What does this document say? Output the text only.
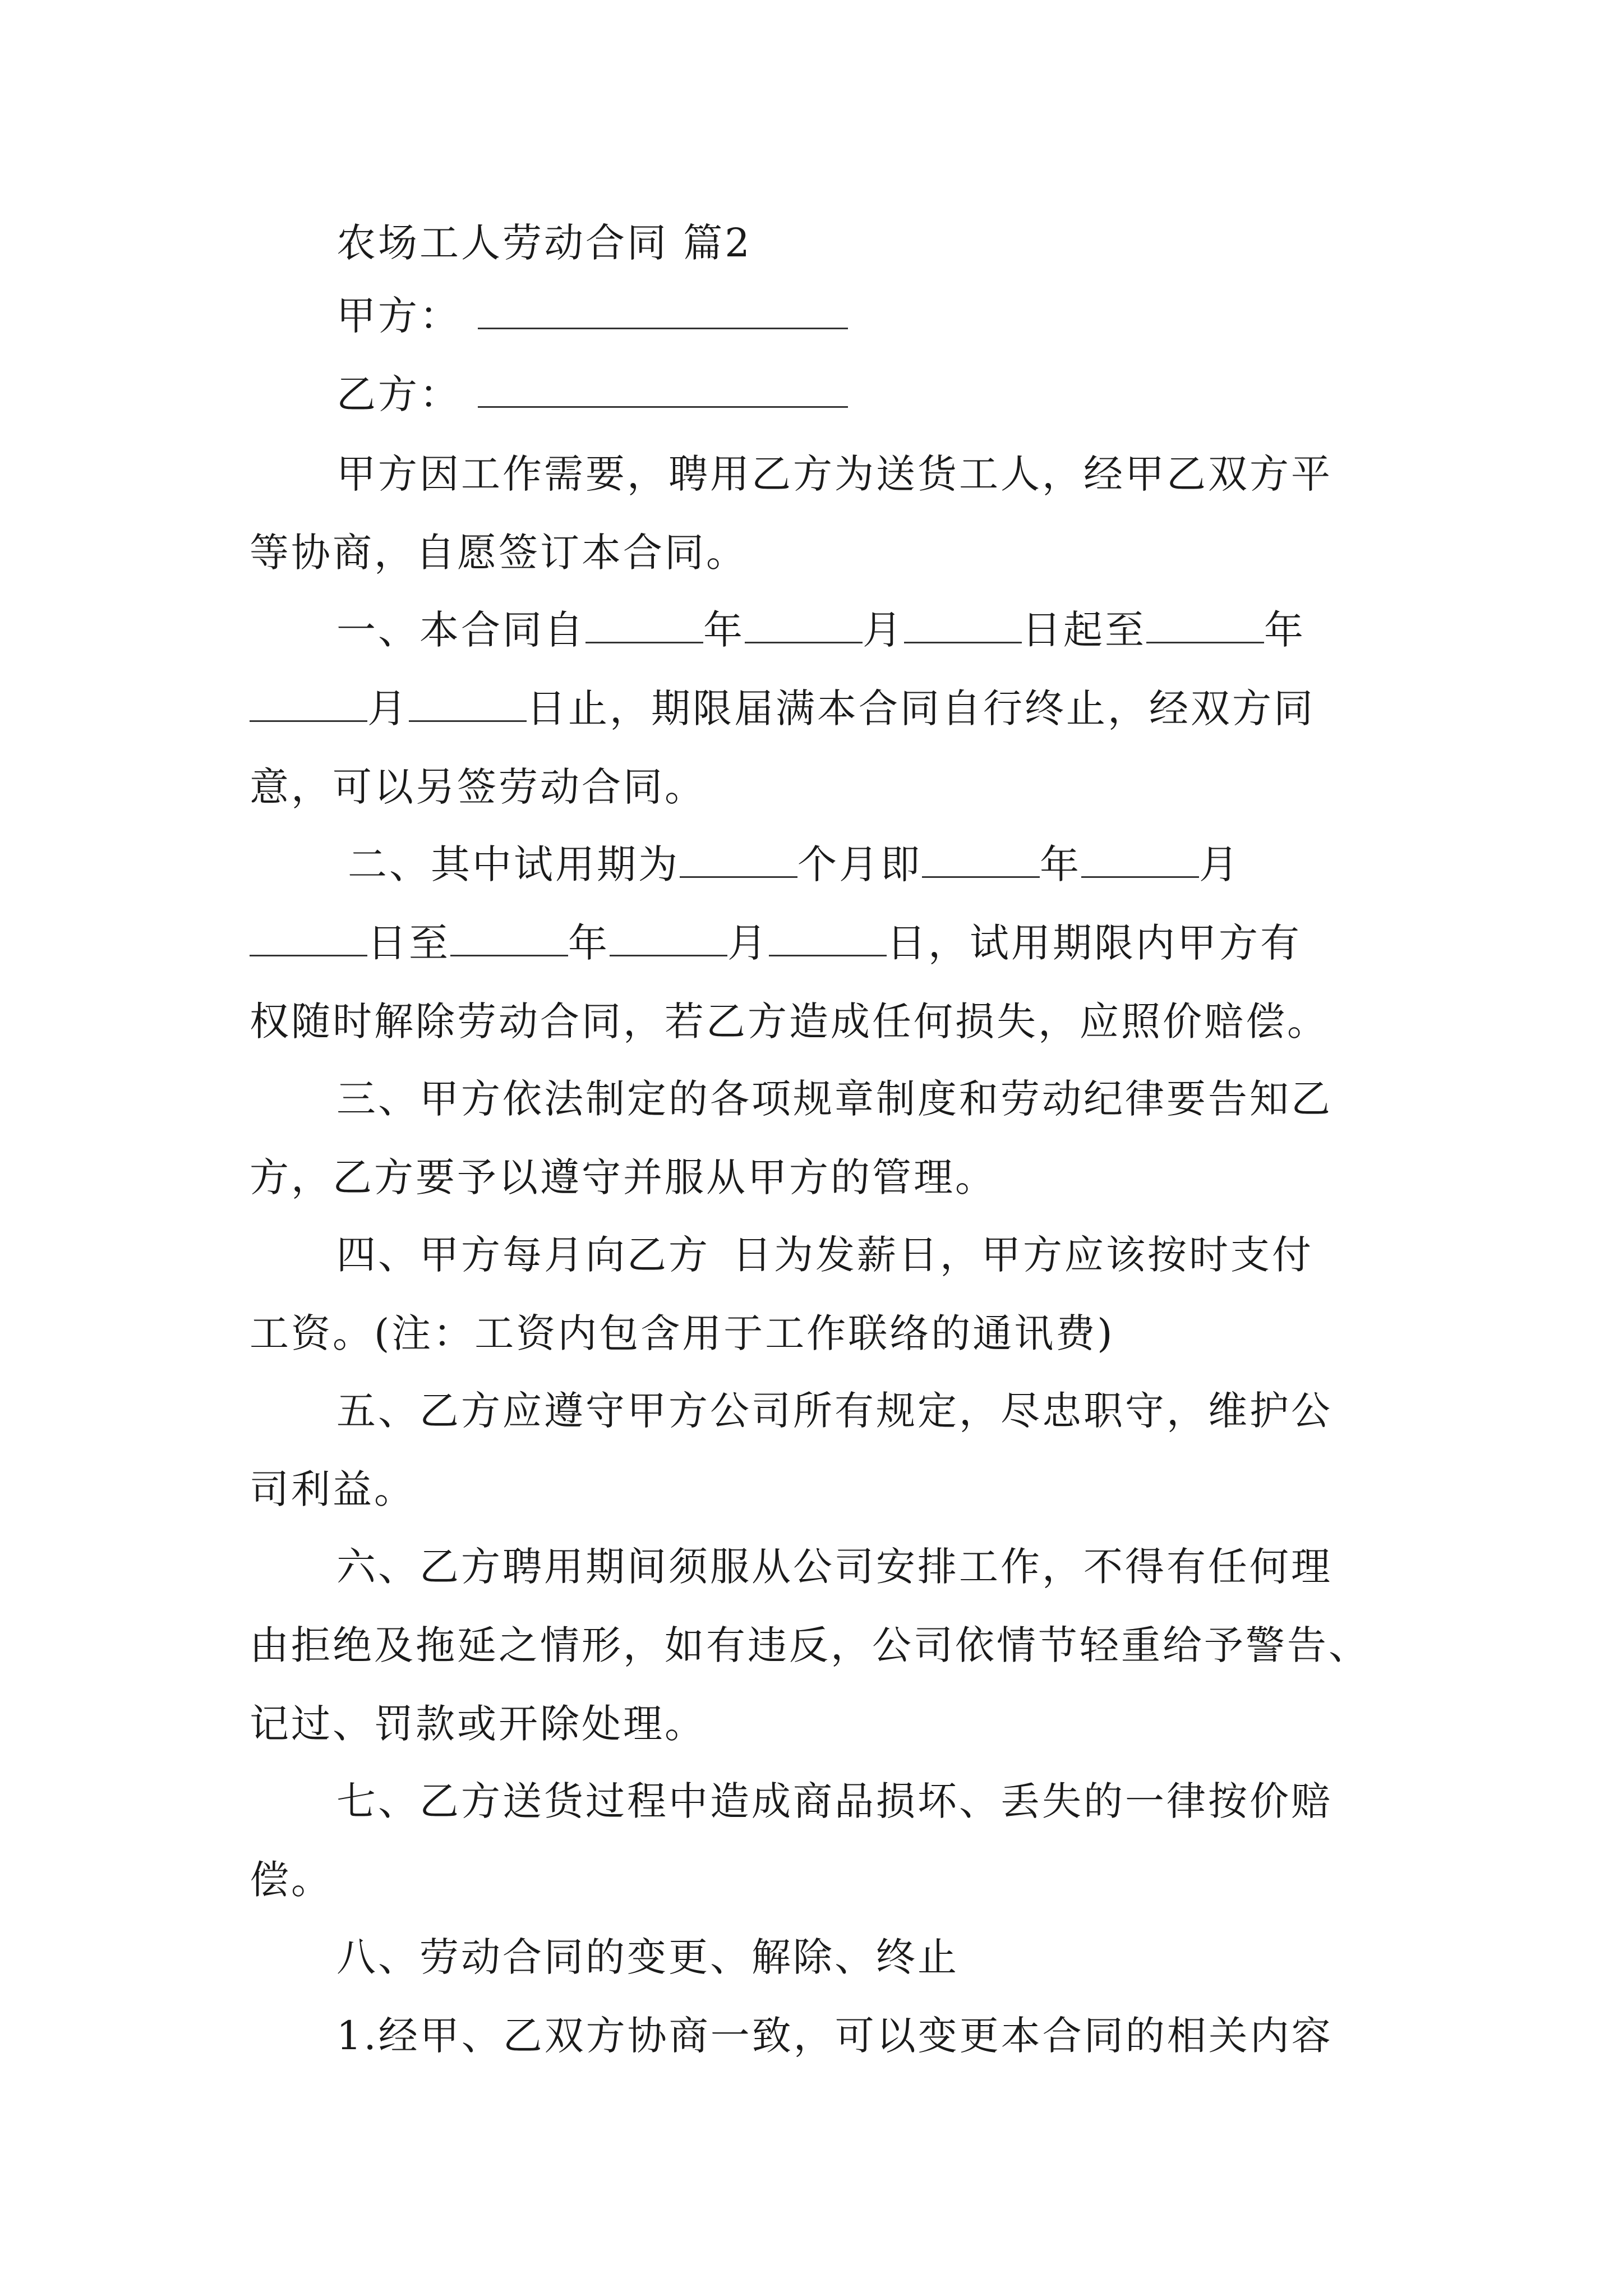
农场工人劳动合同 篇2
甲方：
乙方：
甲方因工作需要，聘用乙方为送货工人，经甲乙双方平
等协商，自愿签订本合同。
一、本合同自	年	月	日起至	年
月	日止，期限届满本合同自行终止，经双方同
意，可以另签劳动合同。
二、其中试用期为	个月即	年	月
日至	年	月	日，试用期限内甲方有
权随时解除劳动合同，若乙方造成任何损失，应照价赔偿。
三、甲方依法制定的各项规章制度和劳动纪律要告知乙
方，乙方要予以遵守并服从甲方的管理。
四、甲方每月向乙方 日为发薪日，甲方应该按时支付
工资。(注：工资内包含用于工作联络的通讯费)
五、乙方应遵守甲方公司所有规定，尽忠职守，维护公
司利益。
六、乙方聘用期间须服从公司安排工作，不得有任何理
由拒绝及拖延之情形，如有违反，公司依情节轻重给予警告、
记过、罚款或开除处理。
七、乙方送货过程中造成商品损坏、丢失的一律按价赔
偿。
八、劳动合同的变更、解除、终止
1.经甲、乙双方协商一致，可以变更本合同的相关内容
